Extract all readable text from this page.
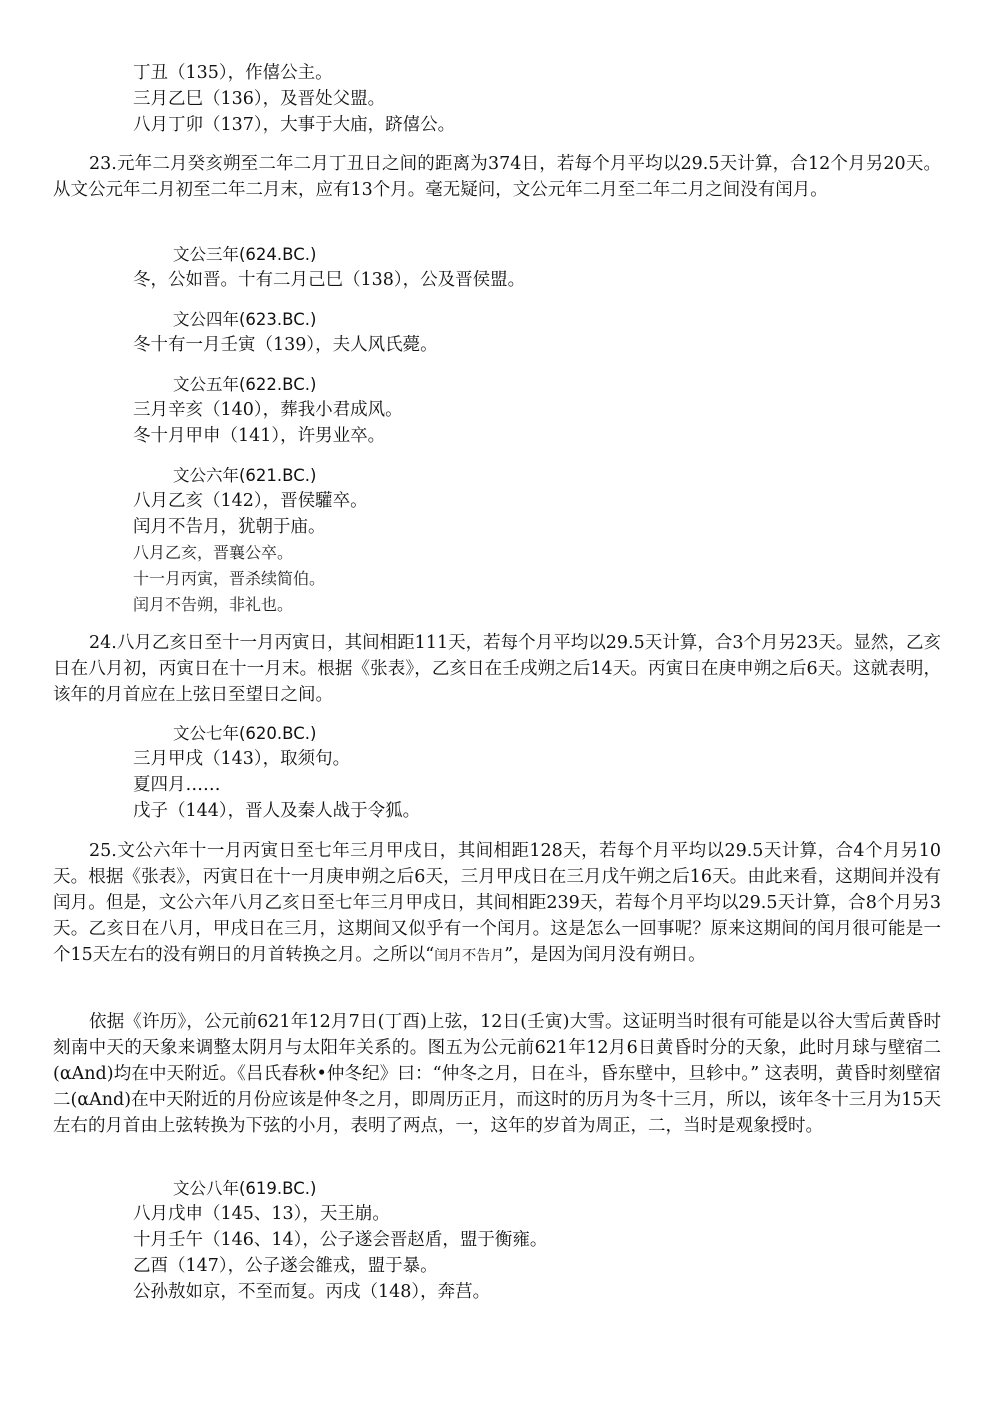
丁丑（135），作僖公主。
三月乙巳（136），及晋处父盟。
八月丁卯（137），大事于大庙，跻僖公。
23.元年二月癸亥朔至二年二月丁丑日之间的距离为374日，若每个月平均以29.5天计算，合12个月另20天。从文公元年二月初至二年二月末，应有13个月。毫无疑问，文公元年二月至二年二月之间没有闰月。
文公三年(624.BC.)
冬，公如晋。十有二月己巳（138），公及晋侯盟。
文公四年(623.BC.)
冬十有一月壬寅（139），夫人风氏薨。
文公五年(622.BC.)
三月辛亥（140），葬我小君成风。
冬十月甲申（141），许男业卒。
文公六年(621.BC.)
八月乙亥（142），晋侯驩卒。
闰月不告月，犹朝于庙。
八月乙亥，晋襄公卒。
十一月丙寅，晋杀续简伯。
闰月不告朔，非礼也。
24.八月乙亥日至十一月丙寅日，其间相距111天，若每个月平均以29.5天计算，合3个月另23天。显然，乙亥日在八月初，丙寅日在十一月末。根据《张表》，乙亥日在壬戌朔之后14天。丙寅日在庚申朔之后6天。这就表明，该年的月首应在上弦日至望日之间。
文公七年(620.BC.)
三月甲戌（143），取须句。
夏四月……
戊子（144），晋人及秦人战于令狐。
25.文公六年十一月丙寅日至七年三月甲戌日，其间相距128天，若每个月平均以29.5天计算，合4个月另10天。根据《张表》，丙寅日在十一月庚申朔之后6天，三月甲戌日在三月戊午朔之后16天。由此来看，这期间并没有闰月。但是，文公六年八月乙亥日至七年三月甲戌日，其间相距239天，若每个月平均以29.5天计算，合8个月另3天。乙亥日在八月，甲戌日在三月，这期间又似乎有一个闰月。这是怎么一回事呢？原来这期间的闰月很可能是一个15天左右的没有朔日的月首转换之月。之所以“闰月不告月”，是因为闰月没有朔日。
依据《许历》，公元前621年12月7日(丁酉)上弦，12日(壬寅)大雪。这证明当时很有可能是以谷大雪后黄昏时刻南中天的天象来调整太阴月与太阳年关系的。图五为公元前621年12月6日黄昏时分的天象，此时月球与壁宿二(αAnd)均在中天附近。《吕氏春秋•仲冬纪》曰：“仲冬之月，日在斗，昏东壁中，旦轸中。” 这表明，黄昏时刻壁宿二(αAnd)在中天附近的月份应该是仲冬之月，即周历正月，而这时的历月为冬十三月，所以，该年冬十三月为15天左右的月首由上弦转换为下弦的小月，表明了两点，一，这年的岁首为周正，二，当时是观象授时。
文公八年(619.BC.)
八月戊申（145、13），天王崩。
十月壬午（146、14），公子遂会晋赵盾，盟于衡雍。
乙酉（147），公子遂会雒戎，盟于暴。
公孙敖如京，不至而复。丙戌（148），奔莒。
